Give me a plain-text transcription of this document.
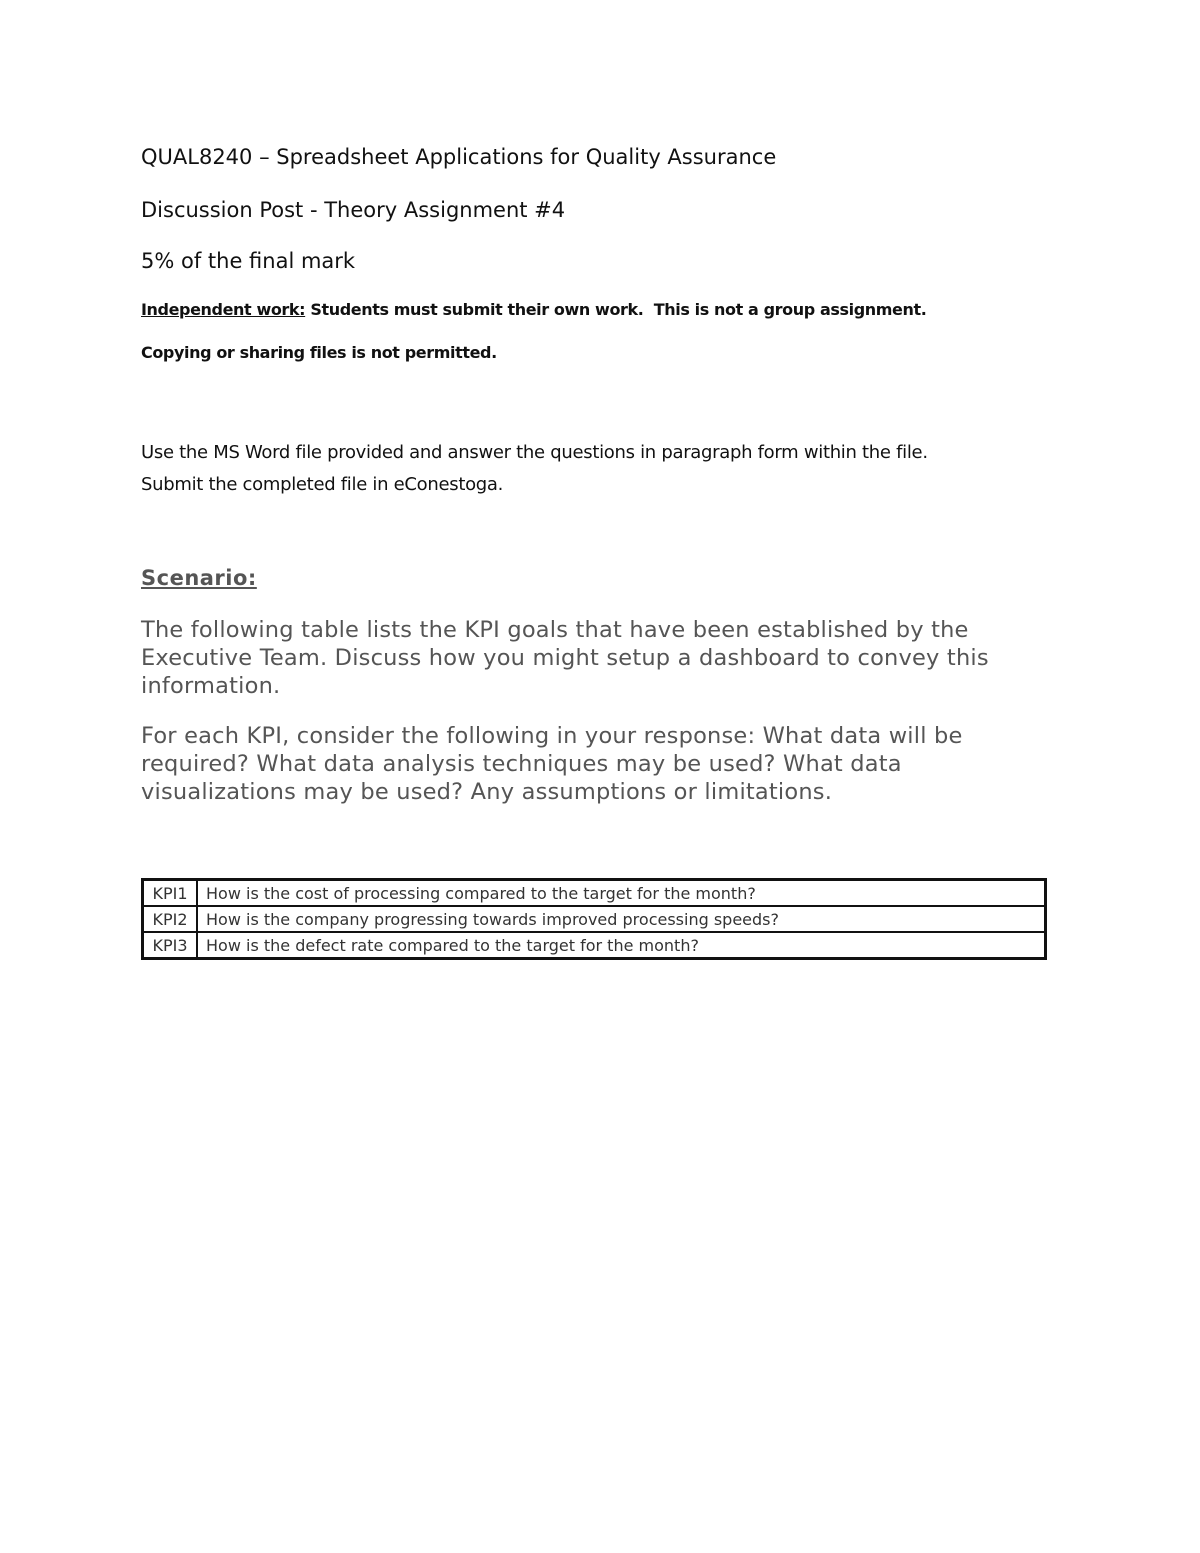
QUAL8240 – Spreadsheet Applications for Quality Assurance
Discussion Post - Theory Assignment #4
5% of the final mark
Independent work: Students must submit their own work.  This is not a group assignment.
Copying or sharing files is not permitted.
Use the MS Word file provided and answer the questions in paragraph form within the file.
Submit the completed file in eConestoga.
Scenario:

The following table lists the KPI goals that have been established by the Executive Team. Discuss how you might setup a dashboard to convey this information.

For each KPI, consider the following in your response: What data will be required? What data analysis techniques may be used? What data visualizations may be used? Any assumptions or limitations.

KPI1	How is the cost of processing compared to the target for the month?
KPI2	How is the company progressing towards improved processing speeds?
KPI3	How is the defect rate compared to the target for the month?
